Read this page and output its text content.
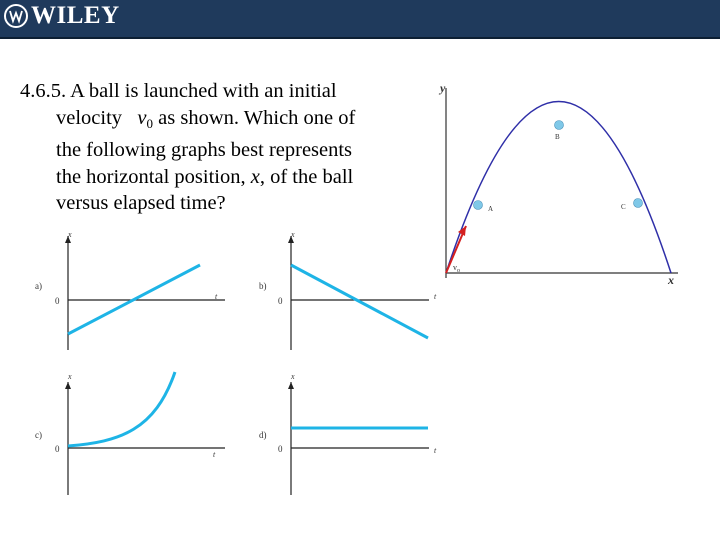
WILEY
4.6.5. A ball is launched with an initial
velocity $v_0$ as shown. Which one of
the following graphs best represents
the horizontal position, x, of the ball
versus elapsed time?
y
x
$v_o$
A
B
C
x
t
0
a)
x
t
0
b)
x
t
0
c)
x
t
0
d)
